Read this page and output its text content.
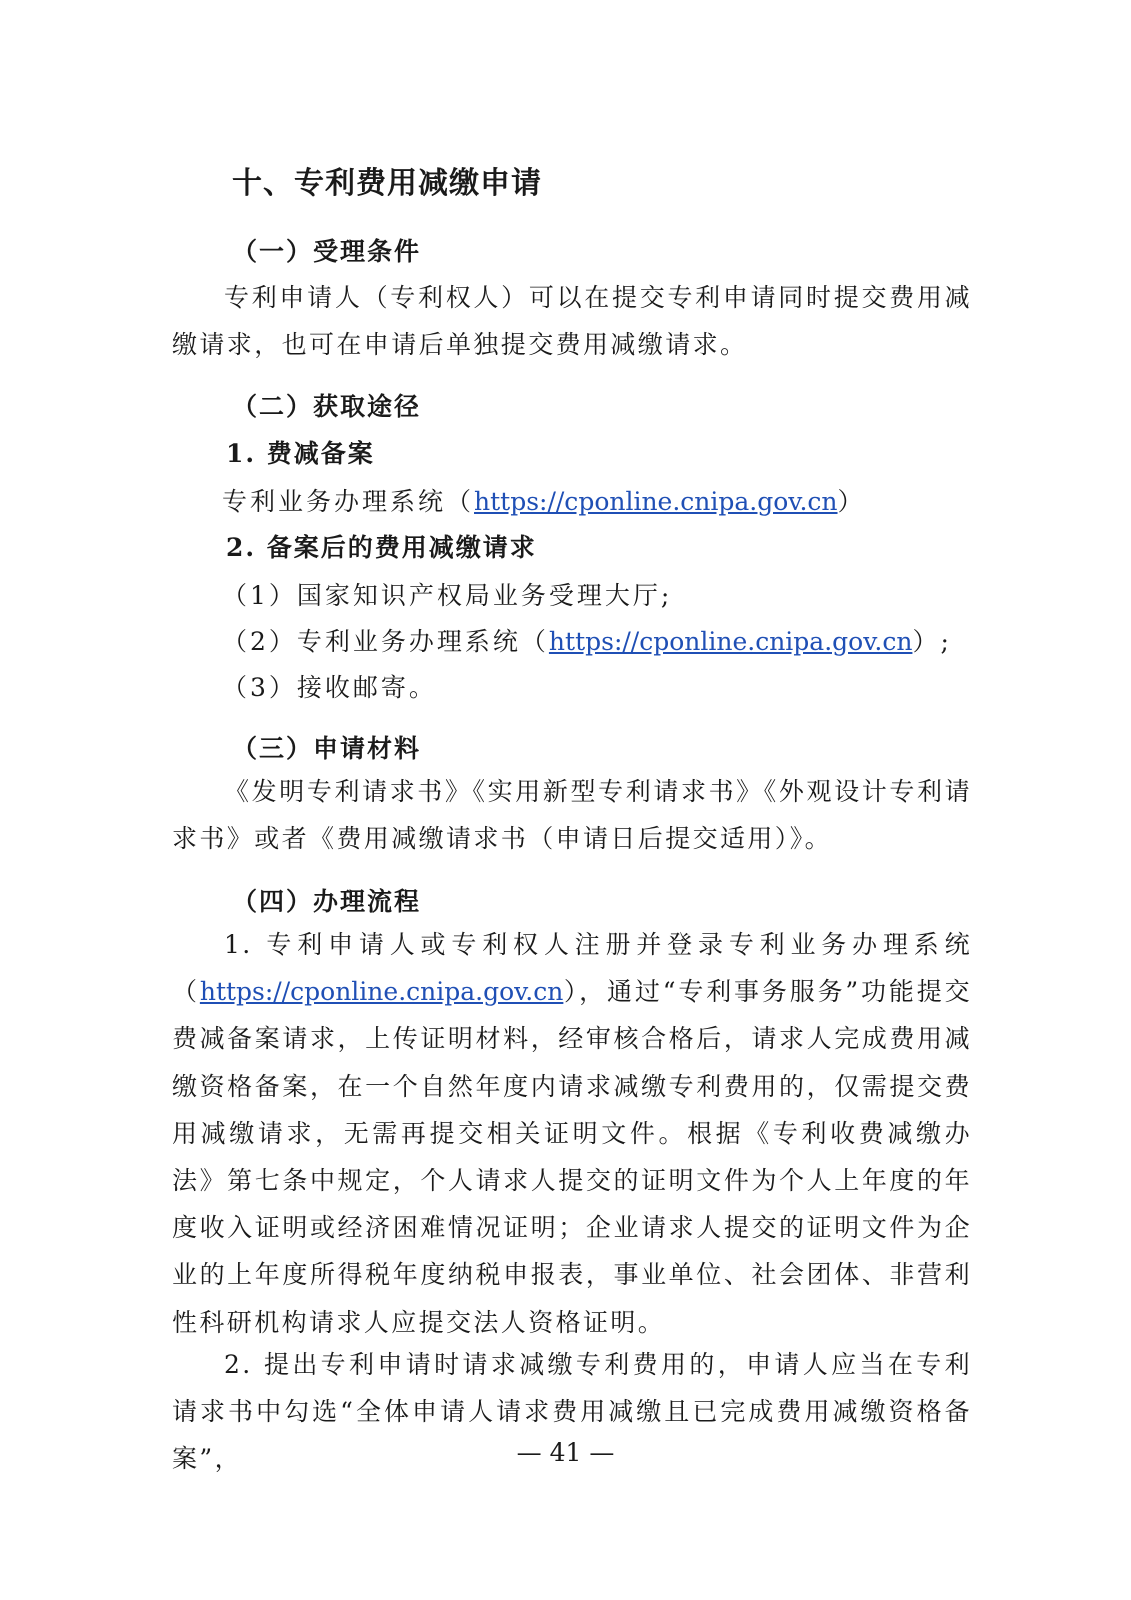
十、专利费用减缴申请
（一）受理条件
专利申请人（专利权人）可以在提交专利申请同时提交费用减缴请求，也可在申请后单独提交费用减缴请求。
（二）获取途径
1. 费减备案
专利业务办理系统（https://cponline.cnipa.gov.cn）
2. 备案后的费用减缴请求
（1）国家知识产权局业务受理大厅;
（2）专利业务办理系统（https://cponline.cnipa.gov.cn）;
（3）接收邮寄。
（三）申请材料
《发明专利请求书》《实用新型专利请求书》《外观设计专利请求书》或者《费用减缴请求书（申请日后提交适用）》。
（四）办理流程
1. 专利申请人或专利权人注册并登录专利业务办理系统（https://cponline.cnipa.gov.cn），通过“专利事务服务”功能提交费减备案请求，上传证明材料，经审核合格后，请求人完成费用减缴资格备案，在一个自然年度内请求减缴专利费用的，仅需提交费用减缴请求，无需再提交相关证明文件。根据《专利收费减缴办法》第七条中规定，个人请求人提交的证明文件为个人上年度的年度收入证明或经济困难情况证明；企业请求人提交的证明文件为企业的上年度所得税年度纳税申报表，事业单位、社会团体、非营利性科研机构请求人应提交法人资格证明。
2. 提出专利申请时请求减缴专利费用的，申请人应当在专利请求书中勾选“全体申请人请求费用减缴且已完成费用减缴资格备案”，	— 41 —
